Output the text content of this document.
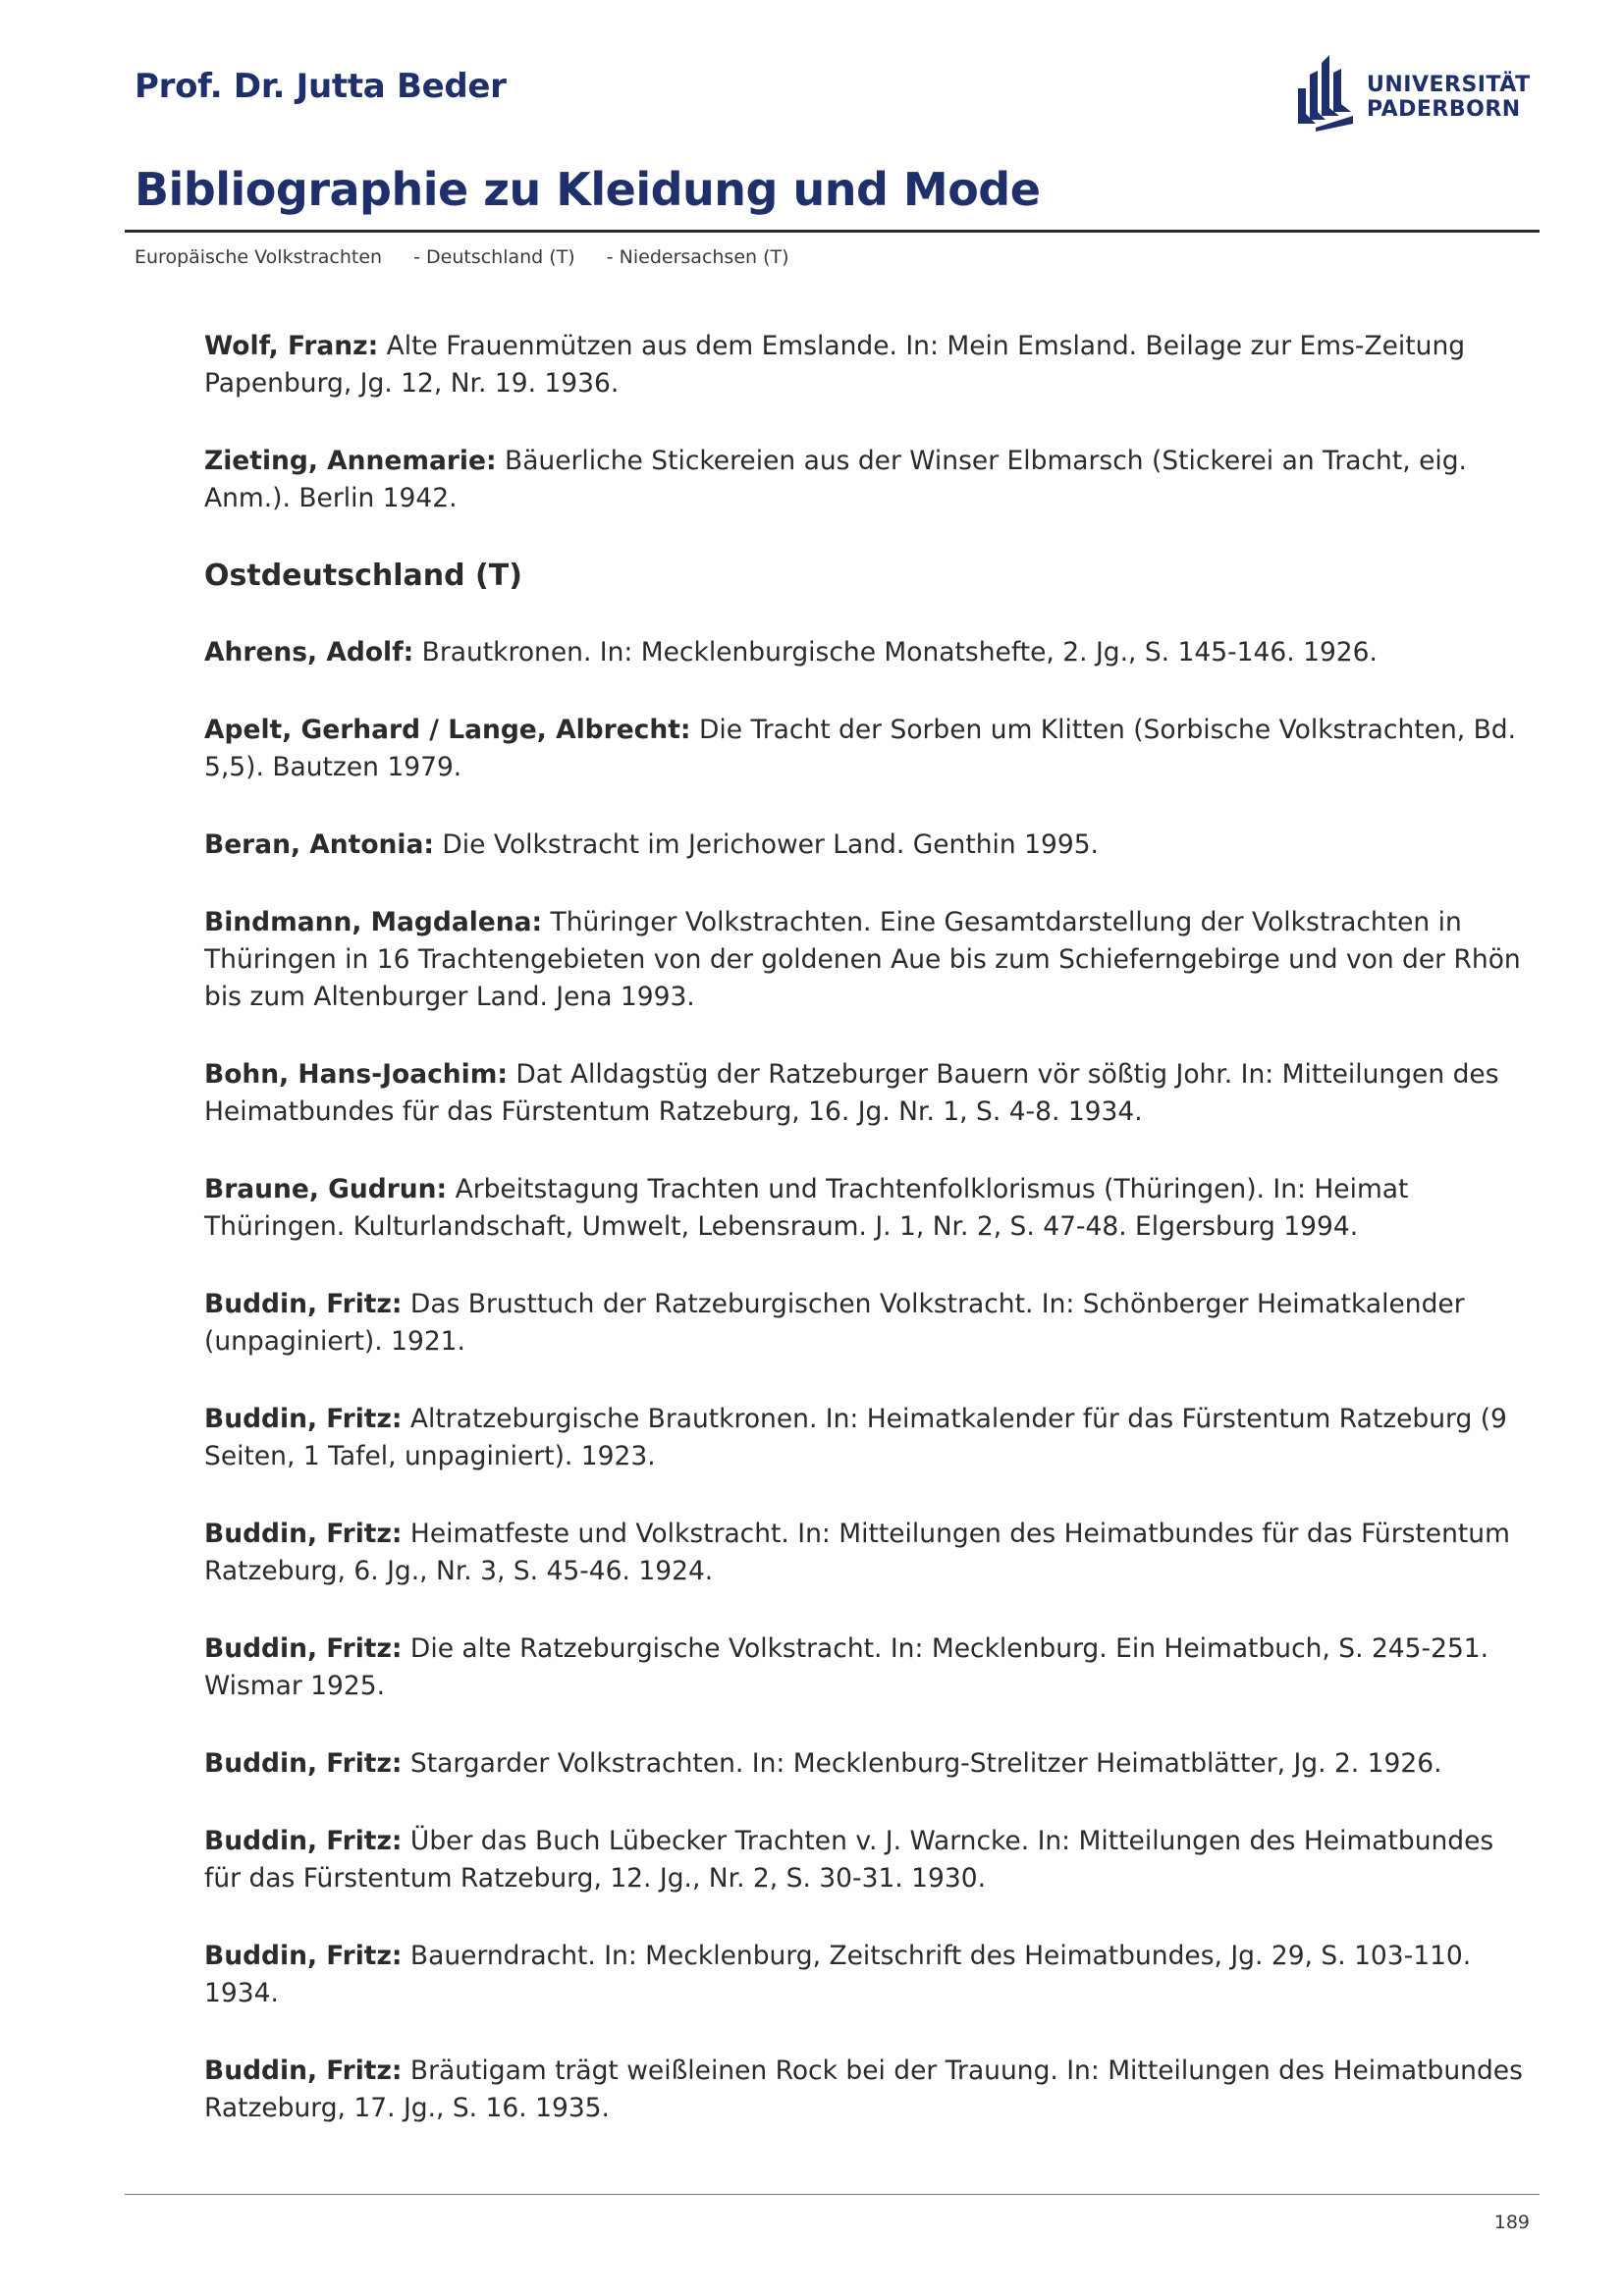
Prof. Dr. Jutta Beder	UNIVERSITÄT
PADERBORN
Bibliographie zu Kleidung und Mode
Europäische Volkstrachten - Deutschland (T) - Niedersachsen (T)

Wolf, Franz: Alte Frauenmützen aus dem Emslande. In: Mein Emsland. Beilage zur Ems-Zeitung Papenburg, Jg. 12, Nr. 19. 1936.

Zieting, Annemarie: Bäuerliche Stickereien aus der Winser Elbmarsch (Stickerei an Tracht, eig. Anm.). Berlin 1942.

Ostdeutschland (T)

Ahrens, Adolf: Brautkronen. In: Mecklenburgische Monatshefte, 2. Jg., S. 145-146. 1926.

Apelt, Gerhard / Lange, Albrecht: Die Tracht der Sorben um Klitten (Sorbische Volkstrachten, Bd. 5,5). Bautzen 1979.

Beran, Antonia: Die Volkstracht im Jerichower Land. Genthin 1995.

Bindmann, Magdalena: Thüringer Volkstrachten. Eine Gesamtdarstellung der Volkstrachten in Thüringen in 16 Trachtengebieten von der goldenen Aue bis zum Schieferngebirge und von der Rhön bis zum Altenburger Land. Jena 1993.

Bohn, Hans-Joachim: Dat Alldagstüg der Ratzeburger Bauern vör sößtig Johr. In: Mitteilungen des Heimatbundes für das Fürstentum Ratzeburg, 16. Jg. Nr. 1, S. 4-8. 1934.

Braune, Gudrun: Arbeitstagung Trachten und Trachtenfolklorismus (Thüringen). In: Heimat Thüringen. Kulturlandschaft, Umwelt, Lebensraum. J. 1, Nr. 2, S. 47-48. Elgersburg 1994.

Buddin, Fritz: Das Brusttuch der Ratzeburgischen Volkstracht. In: Schönberger Heimatkalender (unpaginiert). 1921.

Buddin, Fritz: Altratzeburgische Brautkronen. In: Heimatkalender für das Fürstentum Ratzeburg (9 Seiten, 1 Tafel, unpaginiert). 1923.

Buddin, Fritz: Heimatfeste und Volkstracht. In: Mitteilungen des Heimatbundes für das Fürstentum Ratzeburg, 6. Jg., Nr. 3, S. 45-46. 1924.

Buddin, Fritz: Die alte Ratzeburgische Volkstracht. In: Mecklenburg. Ein Heimatbuch, S. 245-251. Wismar 1925.

Buddin, Fritz: Stargarder Volkstrachten. In: Mecklenburg-Strelitzer Heimatblätter, Jg. 2. 1926.

Buddin, Fritz: Über das Buch Lübecker Trachten v. J. Warncke. In: Mitteilungen des Heimatbundes für das Fürstentum Ratzeburg, 12. Jg., Nr. 2, S. 30-31. 1930.

Buddin, Fritz: Bauerndracht. In: Mecklenburg, Zeitschrift des Heimatbundes, Jg. 29, S. 103-110. 1934.

Buddin, Fritz: Bräutigam trägt weißleinen Rock bei der Trauung. In: Mitteilungen des Heimatbundes Ratzeburg, 17. Jg., S. 16. 1935.

189
